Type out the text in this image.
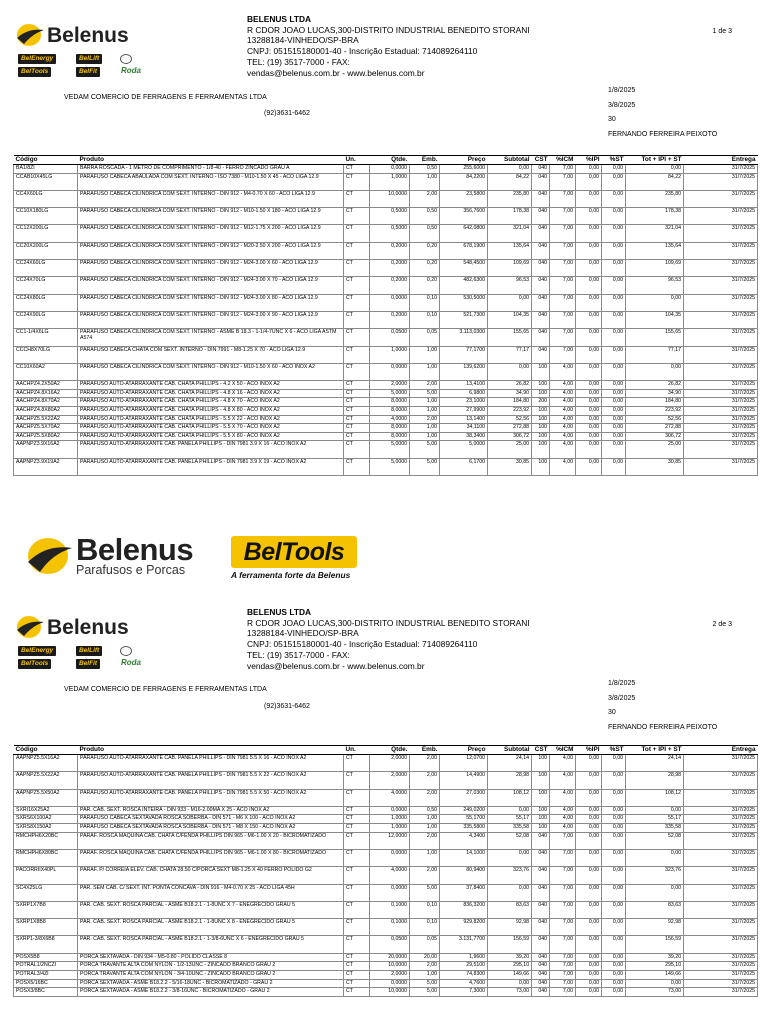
Belenus
BelEnergy	BelLift
BelTools	BelFit	Roda
BELENUS LTDA
R CDOR JOAO LUCAS,300-DISTRITO INDUSTRIAL BENEDITO STORANI
13288184-VINHEDO/SP-BRA
CNPJ: 051515180001-40 - Inscrição Estadual: 714089264110
TEL: (19) 3517-7000 - FAX:
vendas@belenus.com.br - www.belenus.com.br
1 de 3
VEDAM COMERCIO DE FERRAGENS E FERRAMENTAS LTDA
(92)3631-6462
1/8/2025
3/8/2025
30
FERNANDO FERREIRA PEIXOTO
Código	Produto	Un.	Qtde.	Emb.	Preço	Subtotal	CST	%ICM	%IPI	%ST	Tot + IPI + ST	Entrega
BA1/8ZI	BARRA ROSCADA - 1 METRO DE COMPRIMENTO - 1/8-40 - FERRO ZINCADO GRAU A	CT	0,0000	0,50	255,6000	0,00	040	7,00	0,00	0,00	0,00	31/7/2025
CCAB10X45LG	PARAFUSO CABECA ABAULADA COM SEXT. INTERNO - ISO 7380 - M10-1.50 X 45 - ACO LIGA 12.9	CT	1,0000	1,00	84,2200	84,22	040	7,00	0,00	0,00	84,22	31/7/2025
CC4X60LG	PARAFUSO CABECA CILINDRICA COM SEXT. INTERNO - DIN 912 - M4-0.70 X 60 - ACO LIGA 12.9	CT	10,0000	2,00	23,5800	235,80	040	7,00	0,00	0,00	235,80	31/7/2025
CC10X180LG	PARAFUSO CABECA CILINDRICA COM SEXT. INTERNO - DIN 912 - M10-1.50 X 180 - ACO LIGA 12.9	CT	0,5000	0,50	356,7600	178,38	040	7,00	0,00	0,00	178,38	31/7/2025
CC12X200LG	PARAFUSO CABECA CILINDRICA COM SEXT. INTERNO - DIN 912 - M12-1.75 X 200 - ACO LIGA 12.9	CT	0,5000	0,50	642,0800	321,04	040	7,00	0,00	0,00	321,04	31/7/2025
CC20X200LG	PARAFUSO CABECA CILINDRICA COM SEXT. INTERNO - DIN 912 - M20-2.50 X 200 - ACO LIGA 12.9	CT	0,2000	0,20	678,1900	135,64	040	7,00	0,00	0,00	135,64	31/7/2025
CC24X60LG	PARAFUSO CABECA CILINDRICA COM SEXT. INTERNO - DIN 912 - M24-3.00 X 60 - ACO LIGA 12.9	CT	0,2000	0,20	548,4500	109,69	040	7,00	0,00	0,00	109,69	31/7/2025
CC24X70LG	PARAFUSO CABECA CILINDRICA COM SEXT. INTERNO - DIN 912 - M24-3.00 X 70 - ACO LIGA 12.9	CT	0,2000	0,20	482,6300	96,53	040	7,00	0,00	0,00	96,53	31/7/2025
CC24X80LG	PARAFUSO CABECA CILINDRICA COM SEXT. INTERNO - DIN 912 - M24-3.00 X 80 - ACO LIGA 12.9	CT	0,0000	0,10	530,5000	0,00	040	7,00	0,00	0,00	0,00	31/7/2025
CC24X90LG	PARAFUSO CABECA CILINDRICA COM SEXT. INTERNO - DIN 912 - M24-3.00 X 90 - ACO LIGA 12.9	CT	0,2000	0,10	521,7300	104,35	040	7,00	0,00	0,00	104,35	31/7/2025
CC1-1/4X6LG	PARAFUSO CABECA CILINDRICA COM SEXT. INTERNO - ASME B 18.3 - 1-1/4-7UNC X 6 - ACO LIGA ASTM A574	CT	0,0500	0,05	3.113,0300	155,65	040	7,00	0,00	0,00	155,65	31/7/2025
CCCH8X70LG	PARAFUSO CABECA CHATA COM SEXT. INTERNO - DIN 7991 - M8-1.25 X 70 - ACO LIGA 12.9	CT	1,0000	1,00	77,1700	77,17	040	7,00	0,00	0,00	77,17	31/7/2025
CC10X60A2	PARAFUSO CABECA CILINDRICA COM SEXT. INTERNO - DIN 912 - M10-1.50 X 60 - ACO INOX A2	CT	0,0000	1,00	139,6200	0,00	100	4,00	0,00	0,00	0,00	31/7/2025
AACHPZ4.2X50A2	PARAFUSO AUTO-ATARRAXANTE CAB. CHATA PHILLIPS - 4.2 X 50 - ACO INOX A2	CT	2,0000	2,00	13,4100	26,82	100	4,00	0,00	0,00	26,82	31/7/2025
AACHPZ4.8X16A2	PARAFUSO AUTO-ATARRAXANTE CAB. CHATA PHILLIPS - 4.8 X 16 - ACO INOX A2	CT	5,0000	5,00	6,9800	34,90	100	4,00	0,00	0,00	34,90	31/7/2025
AACHPZ4.8X70A2	PARAFUSO AUTO-ATARRAXANTE CAB. CHATA PHILLIPS - 4.8 X 70 - ACO INOX A2	CT	8,0000	1,00	23,1000	184,80	200	4,00	0,00	0,00	184,80	31/7/2025
AACHPZ4.8X80A2	PARAFUSO AUTO-ATARRAXANTE CAB. CHATA PHILLIPS - 4.8 X 80 - ACO INOX A2	CT	8,0000	1,00	27,9900	223,92	100	4,00	0,00	0,00	223,92	31/7/2025
AACHPZ5.5X22A2	PARAFUSO AUTO-ATARRAXANTE CAB. CHATA PHILLIPS - 5.5 X 22 - ACO INOX A2	CT	4,0000	2,00	13,1400	52,56	100	4,00	0,00	0,00	52,56	31/7/2025
AACHPZ5.5X70A2	PARAFUSO AUTO-ATARRAXANTE CAB. CHATA PHILLIPS - 5.5 X 70 - ACO INOX A2	CT	8,0000	1,00	34,1100	272,88	100	4,00	0,00	0,00	272,88	31/7/2025
AACHPZ5.5X80A2	PARAFUSO AUTO-ATARRAXANTE CAB. CHATA PHILLIPS - 5.5 X 80 - ACO INOX A2	CT	8,0000	1,00	38,3400	306,72	100	4,00	0,00	0,00	306,72	31/7/2025
AAPNPZ3.9X16A2	PARAFUSO AUTO-ATARRAXANTE CAB. PANELA PHILLIPS - DIN 7981 3.9 X 16 - ACO INOX A2	CT	5,0000	5,00	5,0000	25,00	100	4,00	0,00	0,00	25,00	31/7/2025
AAPNPZ3.9X19A2	PARAFUSO AUTO-ATARRAXANTE CAB. PANELA PHILLIPS - DIN 7981 3.9 X 19 - ACO INOX A2	CT	5,0000	5,00	6,1700	30,85	100	4,00	0,00	0,00	30,85	31/7/2025
Belenus
Parafusos e Porcas
BelTools
A ferramenta forte da Belenus
Belenus
BelEnergy	BelLift
BelTools	BelFit	Roda
BELENUS LTDA
R CDOR JOAO LUCAS,300-DISTRITO INDUSTRIAL BENEDITO STORANI
13288184-VINHEDO/SP-BRA
CNPJ: 051515180001-40 - Inscrição Estadual: 714089264110
TEL: (19) 3517-7000 - FAX:
vendas@belenus.com.br - www.belenus.com.br
2 de 3
VEDAM COMERCIO DE FERRAGENS E FERRAMENTAS LTDA
(92)3631-6462
1/8/2025
3/8/2025
30
FERNANDO FERREIRA PEIXOTO
Código	Produto	Un.	Qtde.	Emb.	Preço	Subtotal	CST	%ICM	%IPI	%ST	Tot + IPI + ST	Entrega
AAPNPZ5.5X16A2	PARAFUSO AUTO-ATARRAXANTE CAB. PANELA PHILLIPS - DIN 7981 5.5 X 16 - ACO INOX A2	CT	2,0000	2,00	12,0700	24,14	100	4,00	0,00	0,00	24,14	31/7/2025
AAPNPZ5.5X22A2	PARAFUSO AUTO-ATARRAXANTE CAB. PANELA PHILLIPS - DIN 7981 5.5 X 22 - ACO INOX A2	CT	2,0000	2,00	14,4900	28,98	100	4,00	0,00	0,00	28,98	31/7/2025
AAPNPZ5.5X50A2	PARAFUSO AUTO-ATARRAXANTE CAB. PANELA PHILLIPS - DIN 7981 5.5 X 50 - ACO INOX A2	CT	4,0000	2,00	27,0300	108,12	100	4,00	0,00	0,00	108,12	31/7/2025
SXRI16X25A2	PAR. CAB. SEXT. ROSCA INTEIRA - DIN 933 - M16-2.00MA X 25 - ACO INOX A2	CT	0,0000	0,50	249,0200	0,00	100	4,00	0,00	0,00	0,00	31/7/2025
SXRS6X100A2	PARAFUSO CABECA SEXTAVADA ROSCA SOBERBA - DIN 571 - M6 X 100 - ACO INOX A2	CT	1,0000	1,00	55,1700	55,17	100	4,00	0,00	0,00	55,17	31/7/2025
SXRS8X150A2	PARAFUSO CABECA SEXTAVADA ROSCA SOBERBA - DIN 571 - M8 X 150 - ACO INOX A2	CT	1,0000	1,00	335,5800	335,58	100	4,00	0,00	0,00	335,58	31/7/2025
RMCHPH6X20BC	PARAF. ROSCA MAQUINA CAB. CHATA C/FENDA PHILLIPS DIN 965 - M6-1.00 X 20 - BICROMATIZADO	CT	12,0000	2,00	4,3400	52,08	040	7,00	0,00	0,00	52,08	31/7/2025
RMCHPH6X80BC	PARAF. ROSCA MAQUINA CAB. CHATA C/FENDA PHILLIPS DIN 965 - M6-1.00 X 80 - BICROMATIZADO	CT	0,0000	1,00	14,1000	0,00	040	7,00	0,00	0,00	0,00	31/7/2025
PACORRIIX40PL	PARAF. P/ CORREIA ELEV. CAB. CHATA 28.50 C/PORCA SEXT M8-1.25 X 40 FERRO POLIDO G2	CT	4,0000	2,00	80,9400	323,76	040	7,00	0,00	0,00	323,76	31/7/2025
SC4X25LG	PAR. SEM CAB. C/ SEXT. INT. PONTA CONCAVA - DIN 916 - M4-0.70 X 25 - ACO LIGA 45H	CT	0,0000	5,00	37,8400	0,00	040	7,00	0,00	0,00	0,00	31/7/2025
SXRP1X7B8	PAR. CAB. SEXT. ROSCA PARCIAL - ASME B18.2.1 - 1-8UNC X 7 - ENEGRECIDO GRAU 5	CT	0,1000	0,10	836,3200	83,63	040	7,00	0,00	0,00	83,63	31/7/2025
SXRP1X8B8	PAR. CAB. SEXT. ROSCA PARCIAL - ASME B18.2.1 - 1-8UNC X 8 - ENEGRECIDO GRAU 5	CT	0,1000	0,10	929,8200	92,98	040	7,00	0,00	0,00	92,98	31/7/2025
SXRP1-3/8X6B8	PAR. CAB. SEXT. ROSCA PARCIAL - ASME B18.2.1 - 1-3/8-6UNC X 6 - ENEGRECIDO GRAU 5	CT	0,0500	0,05	3.131,7700	156,59	040	7,00	0,00	0,00	156,59	31/7/2025
POSX5B8	PORCA SEXTAVADA - DIN 934 - M5-0.80 - POLIDO CLASSE 8	CT	20,0000	20,00	1,9600	39,20	040	7,00	0,00	0,00	39,20	31/7/2025
POTRAL1/2NCZI	PORCA TRAVANTE ALTA COM NYLON - 1/2-13UNC - ZINCADO BRANCO GRAU 2	CT	10,0000	2,00	29,5100	295,10	040	7,00	0,00	0,00	295,10	31/7/2025
POTRAL3/4ZI	PORCA TRAVANTE ALTA COM NYLON - 3/4-10UNC - ZINCADO BRANCO GRAU 2	CT	2,0000	1,00	74,8300	149,66	040	7,00	0,00	0,00	149,66	31/7/2025
POSX5/16BC	PORCA SEXTAVADA - ASME B18.2.2 - 5/16-18UNC - BICROMATIZADO - GRAU 2	CT	0,0000	5,00	4,7600	0,00	040	7,00	0,00	0,00	0,00	31/7/2025
POSX3/8BC	PORCA SEXTAVADA - ASME B18.2.2 - 3/8-16UNC - BICROMATIZADO - GRAU 2	CT	10,0000	5,00	7,3000	73,00	040	7,00	0,00	0,00	73,00	31/7/2025
